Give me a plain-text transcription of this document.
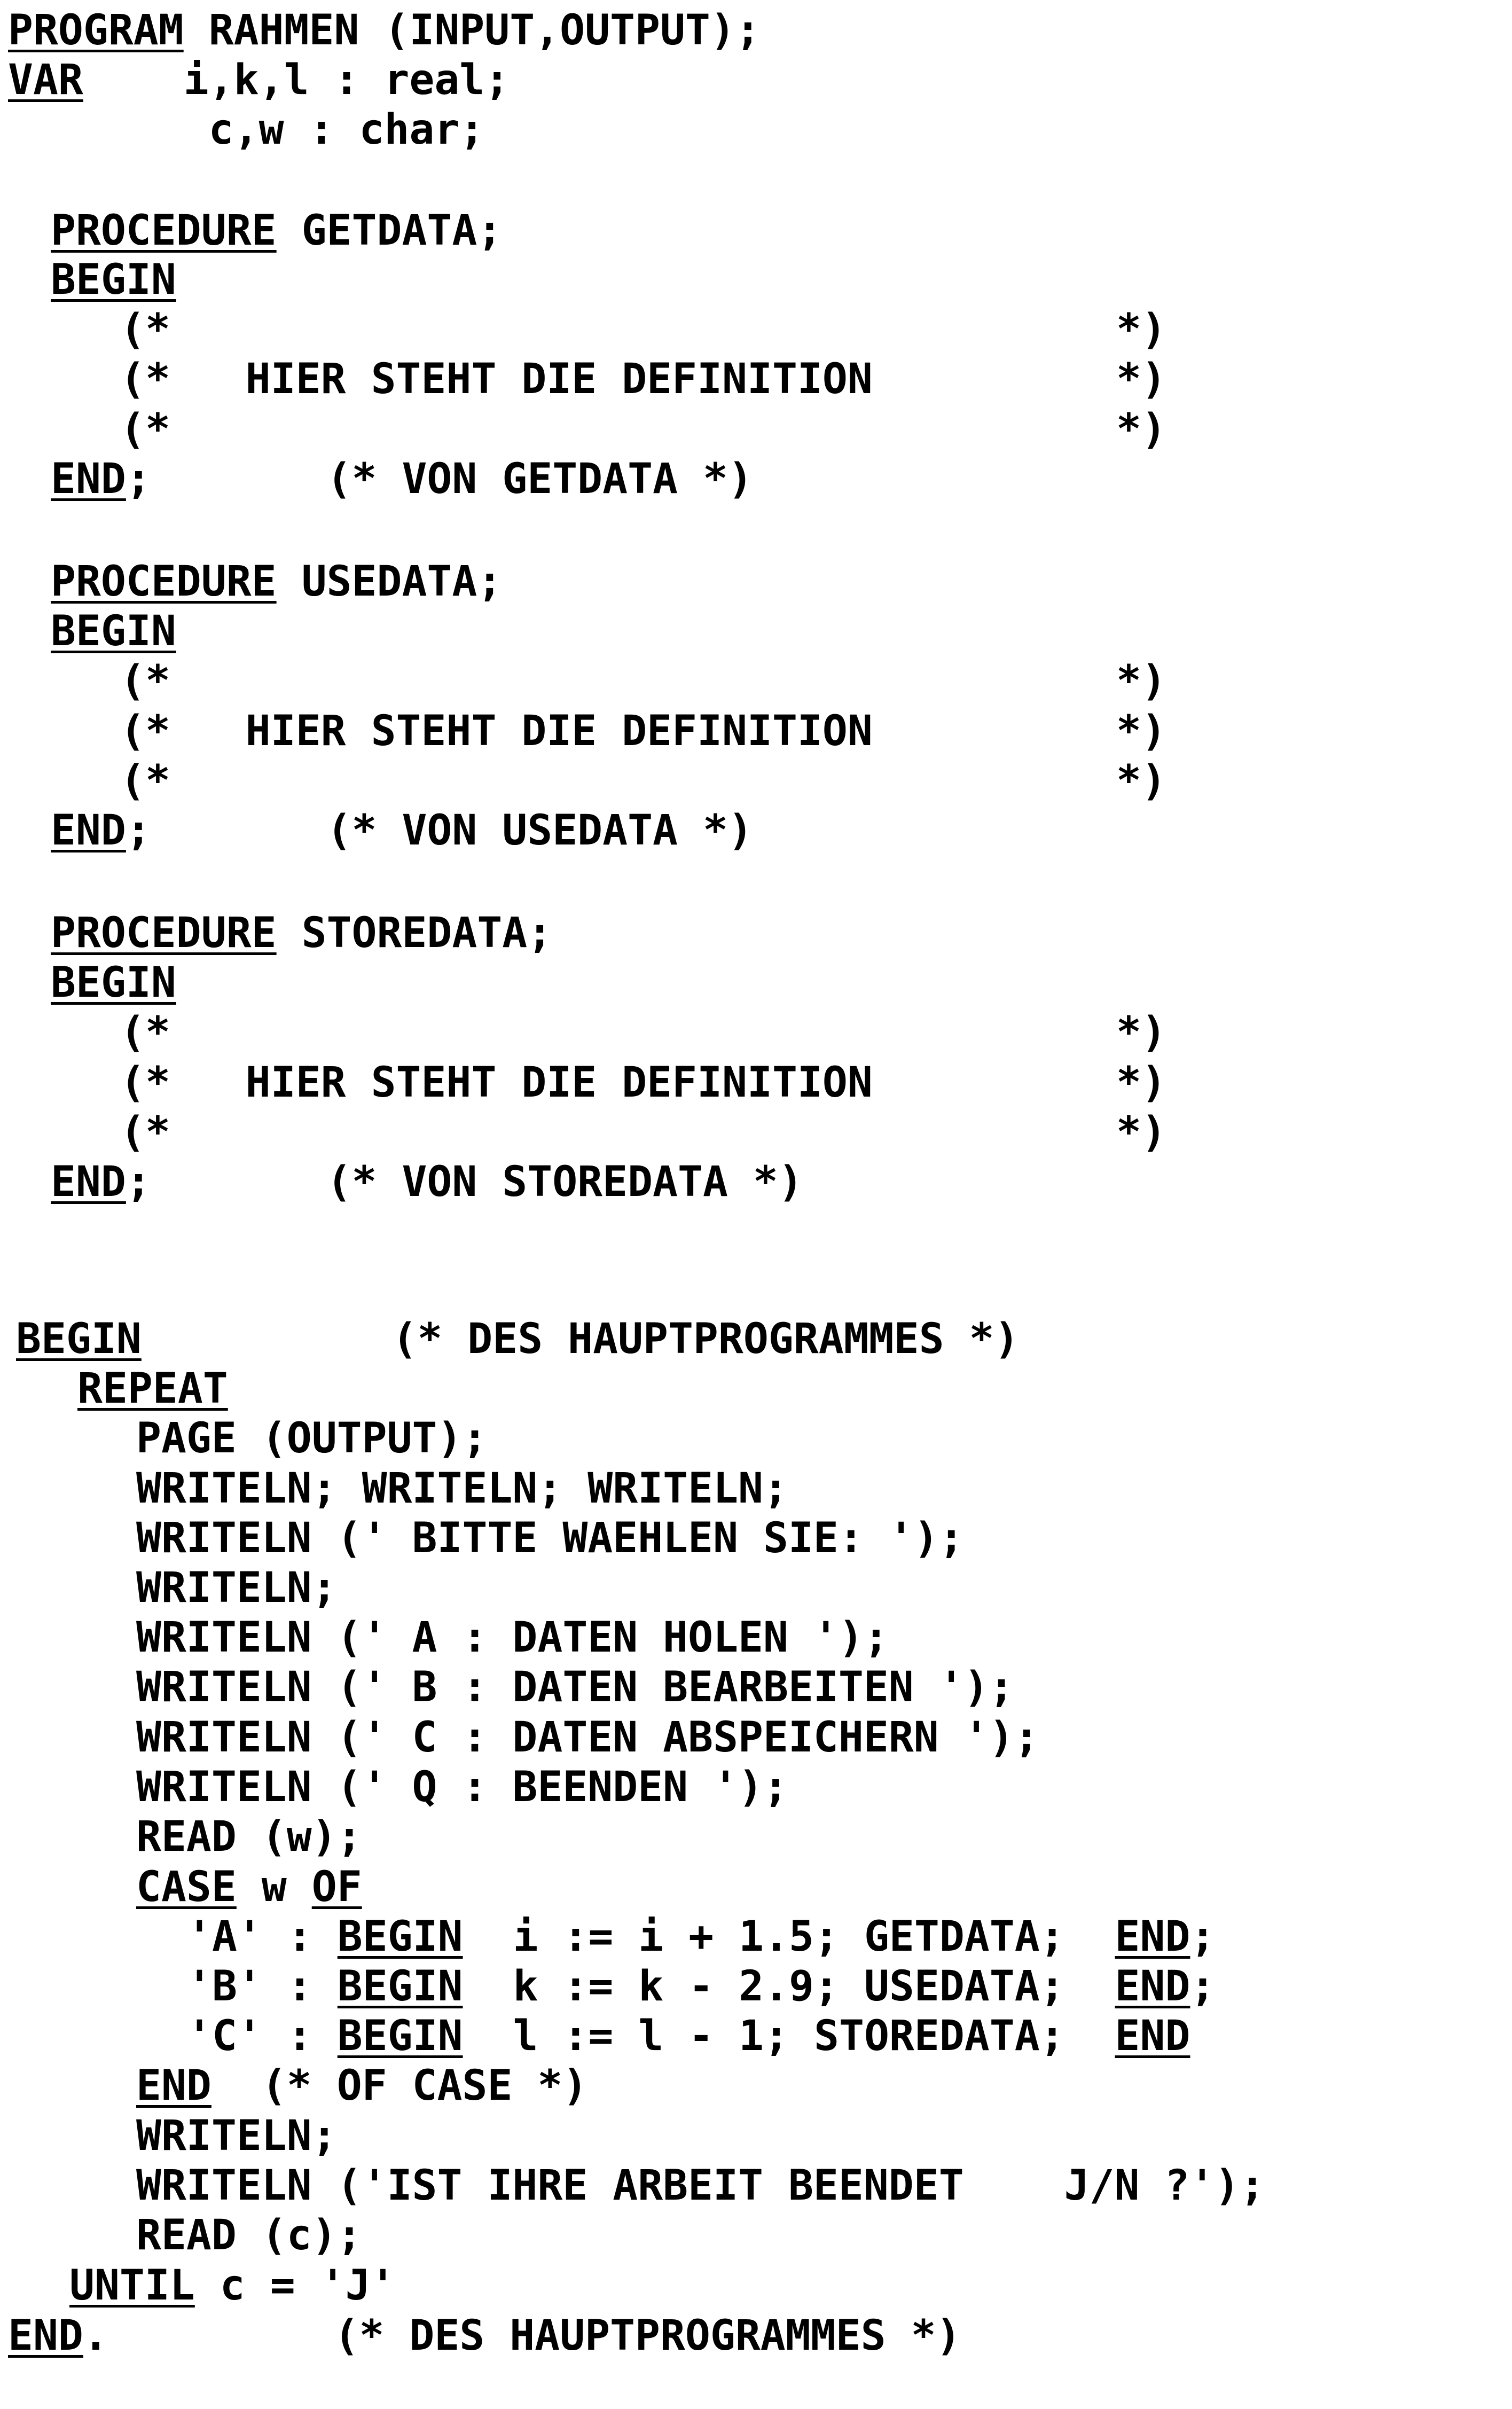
PROGRAM RAHMEN (INPUT,OUTPUT);
VAR    i,k,l : real;
c,w : char;
PROCEDURE GETDATA;
BEGIN
(*	*)
(*   HIER STEHT DIE DEFINITION	*)
(*	*)
END;       (* VON GETDATA *)
PROCEDURE USEDATA;
BEGIN
(*	*)
(*   HIER STEHT DIE DEFINITION	*)
(*	*)
END;       (* VON USEDATA *)
PROCEDURE STOREDATA;
BEGIN
(*	*)
(*   HIER STEHT DIE DEFINITION	*)
(*	*)
END;       (* VON STOREDATA *)
BEGIN          (* DES HAUPTPROGRAMMES *)
REPEAT
PAGE (OUTPUT);
WRITELN; WRITELN; WRITELN;
WRITELN (' BITTE WAEHLEN SIE: ');
WRITELN;
WRITELN (' A : DATEN HOLEN ');
WRITELN (' B : DATEN BEARBEITEN ');
WRITELN (' C : DATEN ABSPEICHERN ');
WRITELN (' Q : BEENDEN ');
READ (w);
CASE w OF
'A' : BEGIN  i := i + 1.5; GETDATA;  END;
'B' : BEGIN  k := k - 2.9; USEDATA;  END;
'C' : BEGIN  l := l - 1; STOREDATA;  END
END  (* OF CASE *)
WRITELN;
WRITELN ('IST IHRE ARBEIT BEENDET    J/N ?');
READ (c);
UNTIL c = 'J'
END.         (* DES HAUPTPROGRAMMES *)
